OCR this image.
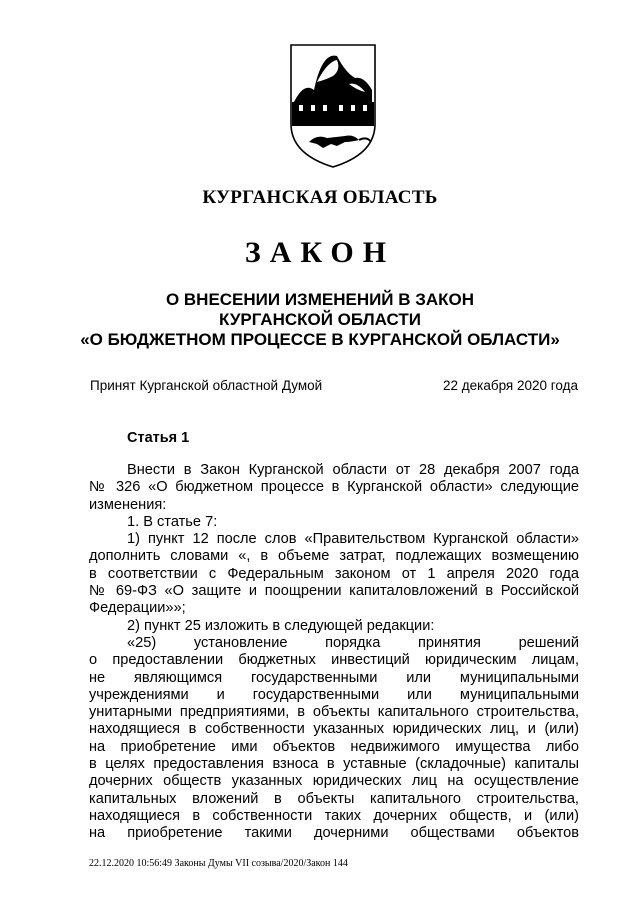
КУРГАНСКАЯ ОБЛАСТЬ
ЗАКОН
О ВНЕСЕНИИ ИЗМЕНЕНИЙ В ЗАКОН
КУРГАНСКОЙ ОБЛАСТИ
«О БЮДЖЕТНОМ ПРОЦЕССЕ В КУРГАНСКОЙ ОБЛАСТИ»
Принят Курганской областной Думой	22 декабря 2020 года
Статья 1
Внести в Закон Курганской области от 28 декабря 2007 года
№ 326 «О бюджетном процессе в Курганской области» следующие
изменения:
1. В статье 7:
1) пункт 12 после слов «Правительством Курганской области»
дополнить словами «, в объеме затрат, подлежащих возмещению
в соответствии с Федеральным законом от 1 апреля 2020 года
№ 69-ФЗ «О защите и поощрении капиталовложений в Российской
Федерации»»;
2) пункт 25 изложить в следующей редакции:
«25) установление порядка принятия решений
о предоставлении бюджетных инвестиций юридическим лицам,
не являющимся государственными или муниципальными
учреждениями и государственными или муниципальными
унитарными предприятиями, в объекты капитального строительства,
находящиеся в собственности указанных юридических лиц, и (или)
на приобретение ими объектов недвижимого имущества либо
в целях предоставления взноса в уставные (складочные) капиталы
дочерних обществ указанных юридических лиц на осуществление
капитальных вложений в объекты капитального строительства,
находящиеся в собственности таких дочерних обществ, и (или)
на приобретение такими дочерними обществами объектов
22.12.2020 10:56:49 Законы Думы VII созыва/2020/Закон 144
